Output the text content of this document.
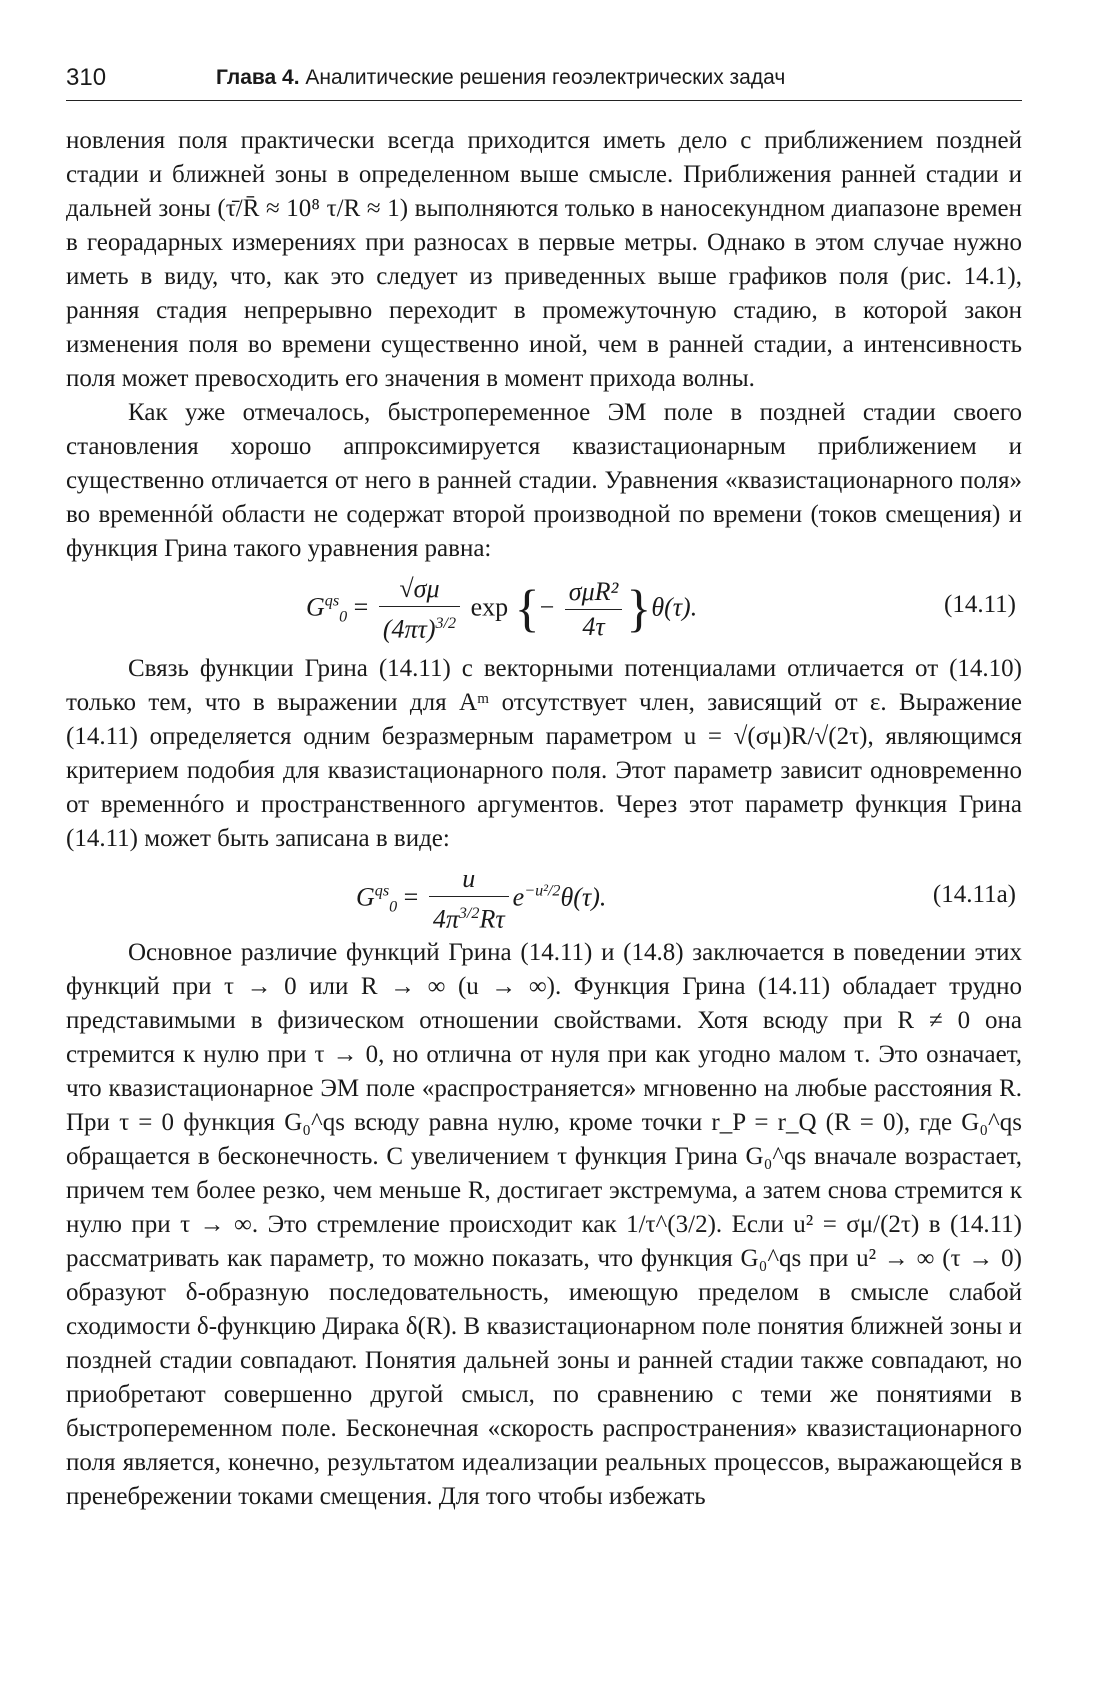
310	Глава 4. Аналитические решения геоэлектрических задач

новления поля практически всегда приходится иметь дело с приближением поздней стадии и ближней зоны в определенном выше смысле. Приближения ранней стадии и дальней зоны (τ̄/R̄ ≈ 10⁸ τ/R ≈ 1) выполняются только в наносекундном диапазоне времен в георадарных измерениях при разносах в первые метры. Однако в этом случае нужно иметь в виду, что, как это следует из приведенных выше графиков поля (рис. 14.1), ранняя стадия непрерывно переходит в промежуточную стадию, в которой закон изменения поля во времени существенно иной, чем в ранней стадии, а интенсивность поля может превосходить его значения в момент прихода волны.

Как уже отмечалось, быстропеременное ЭМ поле в поздней стадии своего становления хорошо аппроксимируется квазистационарным приближением и существенно отличается от него в ранней стадии. Уравнения «квазистационарного поля» во временнóй области не содержат второй производной по времени (токов смещения) и функция Грина такого уравнения равна:

$G^{qs}_0 = \frac{√\sigma\mu}{(4\pi\tau)^{3/2}}$ exp {− $\frac{\text{σμR²}}{4\tau} \}\theta(\tau)$.	(14.11)

Связь функции Грина (14.11) с векторными потенциалами отличается от (14.10) только тем, что в выражении для Aᵐ отсутствует член, зависящий от ε. Выражение (14.11) определяется одним безразмерным параметром u = √(σμ)R/√(2τ), являющимся критерием подобия для квазистационарного поля. Этот параметр зависит одновременно от временнóго и пространственного аргументов. Через этот параметр функция Грина (14.11) может быть записана в виде:

$G^{qs}_0 = \frac{u}{4\pi^{3/2}R\tau} e^{-u^2/2}\theta(\tau)$.	(14.11a)

Основное различие функций Грина (14.11) и (14.8) заключается в поведении этих функций при τ → 0 или R → ∞ (u → ∞). Функция Грина (14.11) обладает трудно представимыми в физическом отношении свойствами. Хотя всюду при R ≠ 0 она стремится к нулю при τ → 0, но отлична от нуля при как угодно малом τ. Это означает, что квазистационарное ЭМ поле «распространяется» мгновенно на любые расстояния R. При τ = 0 функция G₀^qs всюду равна нулю, кроме точки r_P = r_Q (R = 0), где G₀^qs обращается в бесконечность. С увеличением τ функция Грина G₀^qs вначале возрастает, причем тем более резко, чем меньше R, достигает экстремума, а затем снова стремится к нулю при τ → ∞. Это стремление происходит как 1/τ^(3/2). Если u² = σμ/(2τ) в (14.11) рассматривать как параметр, то можно показать, что функция G₀^qs при u² → ∞ (τ → 0) образуют δ-образную последовательность, имеющую пределом в смысле слабой сходимости δ-функцию Дирака δ(R). В квазистационарном поле понятия ближней зоны и поздней стадии совпадают. Понятия дальней зоны и ранней стадии также совпадают, но приобретают совершенно другой смысл, по сравнению с теми же понятиями в быстропеременном поле. Бесконечная «скорость распространения» квазистационарного поля является, конечно, результатом идеализации реальных процессов, выражающейся в пренебрежении токами смещения. Для того чтобы избежать
